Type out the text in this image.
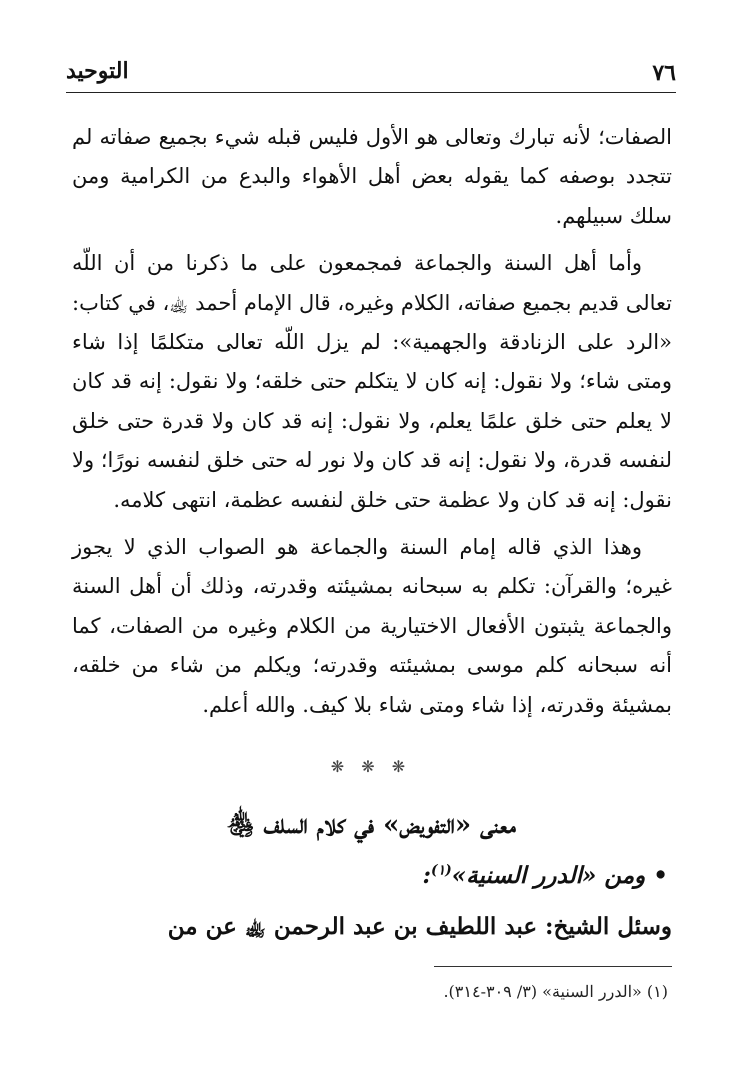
٧٦
التوحيد

الصفات؛ لأنه تبارك وتعالى هو الأول فليس قبله شيء بجميع صفاته لم تتجدد بوصفه كما يقوله بعض أهل الأهواء والبدع من الكرامية ومن سلك سبيلهم.

وأما أهل السنة والجماعة فمجمعون على ما ذكرنا من أن اللّه تعالى قديم بجميع صفاته، الكلام وغيره، قال الإمام أحمد ﵀، في كتاب: «الرد على الزنادقة والجهمية»: لم يزل اللّه تعالى متكلمًا إذا شاء ومتى شاء؛ ولا نقول: إنه كان لا يتكلم حتى خلقه؛ ولا نقول: إنه قد كان لا يعلم حتى خلق علمًا يعلم، ولا نقول: إنه قد كان ولا قدرة حتى خلق لنفسه قدرة، ولا نقول: إنه قد كان ولا نور له حتى خلق لنفسه نورًا؛ ولا نقول: إنه قد كان ولا عظمة حتى خلق لنفسه عظمة، انتهى كلامه.

وهذا الذي قاله إمام السنة والجماعة هو الصواب الذي لا يجوز غيره؛ والقرآن: تكلم به سبحانه بمشيئته وقدرته، وذلك أن أهل السنة والجماعة يثبتون الأفعال الاختيارية من الكلام وغيره من الصفات، كما أنه سبحانه كلم موسى بمشيئته وقدرته؛ ويكلم من شاء من خلقه، بمشيئة وقدرته، إذا شاء ومتى شاء بلا كيف. والله أعلم.

❋ ❋ ❋
معنى «التفويض» في كلام السلف ﵃
•ومن «الدرر السنية»$^{(١)}$:
وسئل الشيخ: عبد اللطيف بن عبد الرحمن ﵀ عن من
(١) «الدرر السنية» (٣/ ٣٠٩-٣١٤).
